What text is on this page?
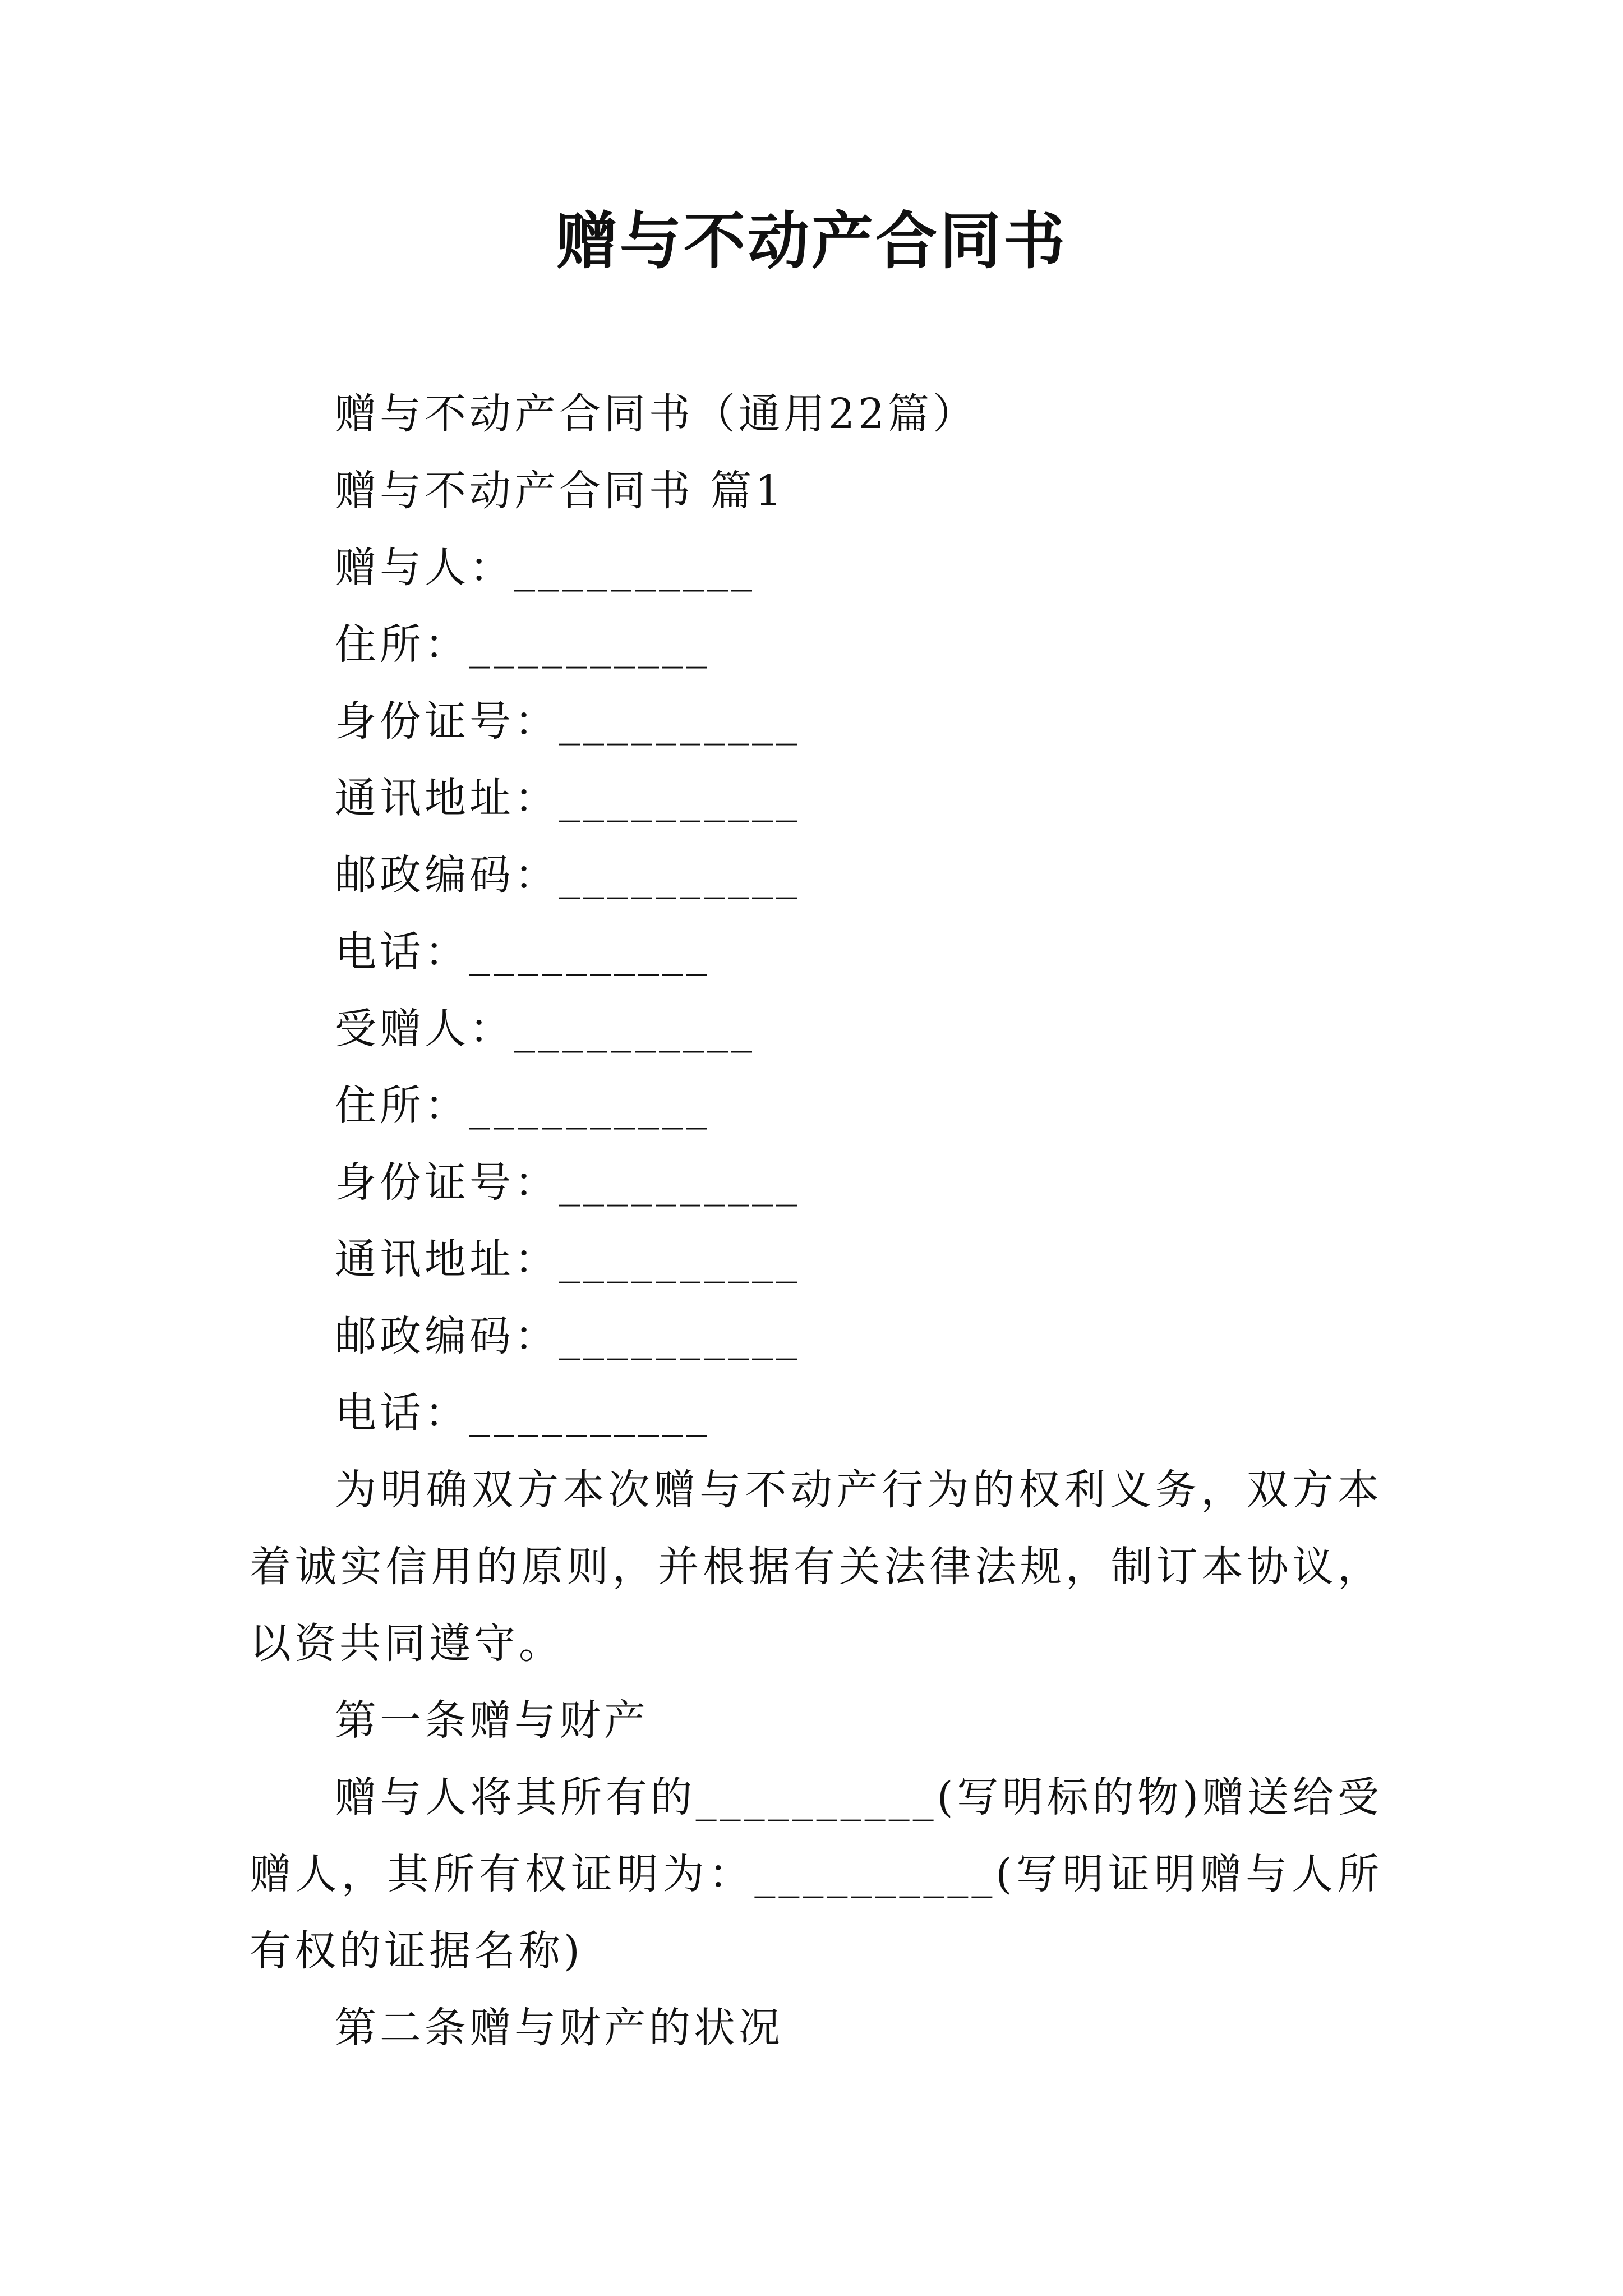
赠与不动产合同书
赠与不动产合同书（通用22篇）
赠与不动产合同书 篇1
赠与人：__________
住所：__________
身份证号：__________
通讯地址：__________
邮政编码：__________
电话：__________
受赠人：__________
住所：__________
身份证号：__________
通讯地址：__________
邮政编码：__________
电话：__________
为明确双方本次赠与不动产行为的权利义务，双方本着诚实信用的原则，并根据有关法律法规，制订本协议，以资共同遵守。
第一条赠与财产
赠与人将其所有的__________(写明标的物)赠送给受赠人，其所有权证明为：__________(写明证明赠与人所有权的证据名称)
第二条赠与财产的状况
